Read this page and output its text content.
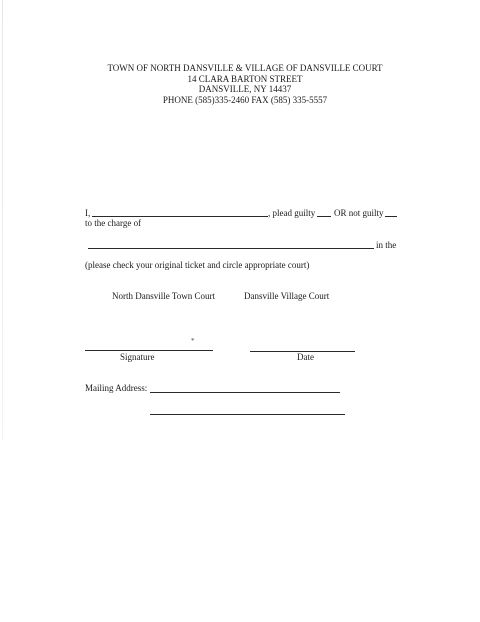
TOWN OF NORTH DANSVILLE & VILLAGE OF DANSVILLE COURT
14 CLARA BARTON STREET
DANSVILLE, NY 14437
PHONE (585)335-2460 FAX (585) 335-5557
I,	, plead guilty OR not guilty
to the charge of
in the
(please check your original ticket and circle appropriate court)
North Dansville Town Court	Dansville Village Court
*
Signature	Date
Mailing Address:
